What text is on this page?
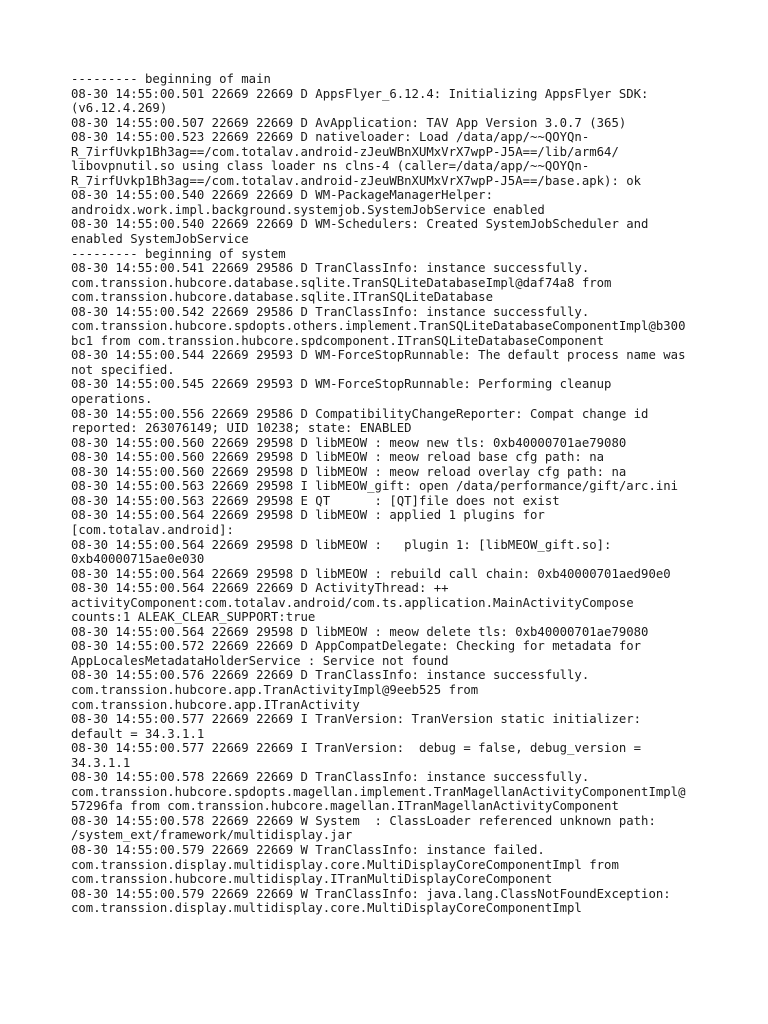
--------- beginning of main
08-30 14:55:00.501 22669 22669 D AppsFlyer_6.12.4: Initializing AppsFlyer SDK:
(v6.12.4.269)
08-30 14:55:00.507 22669 22669 D AvApplication: TAV App Version 3.0.7 (365)
08-30 14:55:00.523 22669 22669 D nativeloader: Load /data/app/~~QOYQn-
R_7irfUvkp1Bh3ag==/com.totalav.android-zJeuWBnXUMxVrX7wpP-J5A==/lib/arm64/
libovpnutil.so using class loader ns clns-4 (caller=/data/app/~~QOYQn-
R_7irfUvkp1Bh3ag==/com.totalav.android-zJeuWBnXUMxVrX7wpP-J5A==/base.apk): ok
08-30 14:55:00.540 22669 22669 D WM-PackageManagerHelper:
androidx.work.impl.background.systemjob.SystemJobService enabled
08-30 14:55:00.540 22669 22669 D WM-Schedulers: Created SystemJobScheduler and
enabled SystemJobService
--------- beginning of system
08-30 14:55:00.541 22669 29586 D TranClassInfo: instance successfully.
com.transsion.hubcore.database.sqlite.TranSQLiteDatabaseImpl@daf74a8 from
com.transsion.hubcore.database.sqlite.ITranSQLiteDatabase
08-30 14:55:00.542 22669 29586 D TranClassInfo: instance successfully.
com.transsion.hubcore.spdopts.others.implement.TranSQLiteDatabaseComponentImpl@b300
bc1 from com.transsion.hubcore.spdcomponent.ITranSQLiteDatabaseComponent
08-30 14:55:00.544 22669 29593 D WM-ForceStopRunnable: The default process name was
not specified.
08-30 14:55:00.545 22669 29593 D WM-ForceStopRunnable: Performing cleanup
operations.
08-30 14:55:00.556 22669 29586 D CompatibilityChangeReporter: Compat change id
reported: 263076149; UID 10238; state: ENABLED
08-30 14:55:00.560 22669 29598 D libMEOW : meow new tls: 0xb40000701ae79080
08-30 14:55:00.560 22669 29598 D libMEOW : meow reload base cfg path: na
08-30 14:55:00.560 22669 29598 D libMEOW : meow reload overlay cfg path: na
08-30 14:55:00.563 22669 29598 I libMEOW_gift: open /data/performance/gift/arc.ini
08-30 14:55:00.563 22669 29598 E QT      : [QT]file does not exist
08-30 14:55:00.564 22669 29598 D libMEOW : applied 1 plugins for
[com.totalav.android]:
08-30 14:55:00.564 22669 29598 D libMEOW :   plugin 1: [libMEOW_gift.so]:
0xb40000715ae0e030
08-30 14:55:00.564 22669 29598 D libMEOW : rebuild call chain: 0xb40000701aed90e0
08-30 14:55:00.564 22669 22669 D ActivityThread: ++
activityComponent:com.totalav.android/com.ts.application.MainActivityCompose
counts:1 ALEAK_CLEAR_SUPPORT:true
08-30 14:55:00.564 22669 29598 D libMEOW : meow delete tls: 0xb40000701ae79080
08-30 14:55:00.572 22669 22669 D AppCompatDelegate: Checking for metadata for
AppLocalesMetadataHolderService : Service not found
08-30 14:55:00.576 22669 22669 D TranClassInfo: instance successfully.
com.transsion.hubcore.app.TranActivityImpl@9eeb525 from
com.transsion.hubcore.app.ITranActivity
08-30 14:55:00.577 22669 22669 I TranVersion: TranVersion static initializer:
default = 34.3.1.1
08-30 14:55:00.577 22669 22669 I TranVersion:  debug = false, debug_version =
34.3.1.1
08-30 14:55:00.578 22669 22669 D TranClassInfo: instance successfully.
com.transsion.hubcore.spdopts.magellan.implement.TranMagellanActivityComponentImpl@
57296fa from com.transsion.hubcore.magellan.ITranMagellanActivityComponent
08-30 14:55:00.578 22669 22669 W System  : ClassLoader referenced unknown path:
/system_ext/framework/multidisplay.jar
08-30 14:55:00.579 22669 22669 W TranClassInfo: instance failed.
com.transsion.display.multidisplay.core.MultiDisplayCoreComponentImpl from
com.transsion.hubcore.multidisplay.ITranMultiDisplayCoreComponent
08-30 14:55:00.579 22669 22669 W TranClassInfo: java.lang.ClassNotFoundException:
com.transsion.display.multidisplay.core.MultiDisplayCoreComponentImpl
